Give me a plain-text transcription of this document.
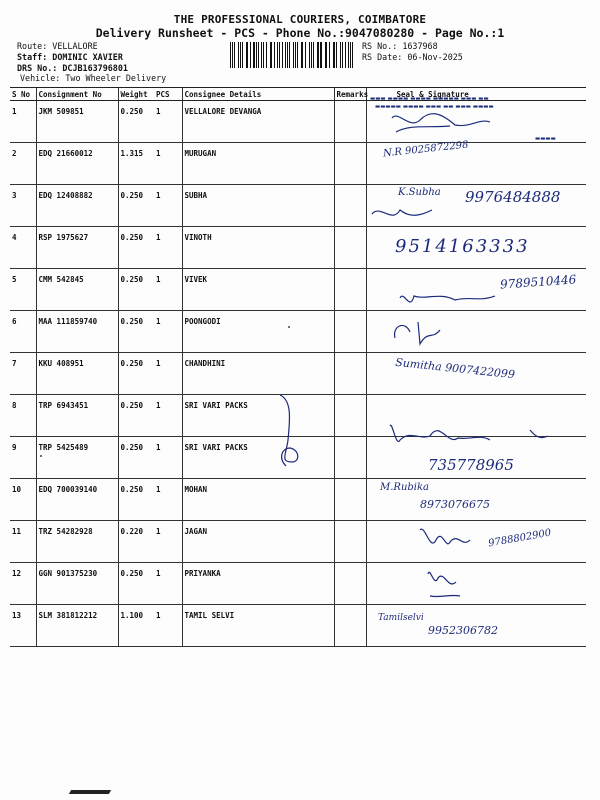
THE PROFESSIONAL COURIERS, COIMBATORE
Delivery Runsheet - PCS - Phone No.:9047080280 - Page No.:1
Route: VELLALORE
Staff: DOMINIC XAVIER
DRS No.: DCJB163796801
Vehicle: Two Wheeler Delivery
RS No.: 1637968
RS Date: 06-Nov-2025
S No	Consignment No	Weight	PCS	Consignee Details	Remarks	Seal & Signature
1	JKM 509851	0.250	1	VELLALORE DEVANGA		
2	EDQ 21660012	1.315	1	MURUGAN		
3	EDQ 12408882	0.250	1	SUBHA		
4	RSP 1975627	0.250	1	VINOTH		
5	CMM 542845	0.250	1	VIVEK		
6	MAA 111859740	0.250	1	POONGODI		
7	KKU 408951	0.250	1	CHANDHINI		
8	TRP 6943451	0.250	1	SRI VARI PACKS		
9	TRP 5425489	0.250	1	SRI VARI PACKS		
10	EDQ 700039140	0.250	1	MOHAN		
11	TRZ 54282928	0.220	1	JAGAN		
12	GGN 901375230	0.250	1	PRIYANKA		
13	SLM 381812212	1.100	1	TAMIL SELVI		
▬▬▬ ▬▬▬▬ ▬▬▬▬ ▬▬▬▬▬ ▬▬▬ ▬▬
▬▬▬▬▬ ▬▬▬▬ ▬▬▬ ▬▬ ▬▬▬ ▬▬▬▬
▬▬▬▬
N.R 9025872298
K.Subha 9976484888
9514163333
9789510446
Sumitha 9007422099
735778965
M.Rubika
8973076675
9788802900
Tamilselvi
9952306782
